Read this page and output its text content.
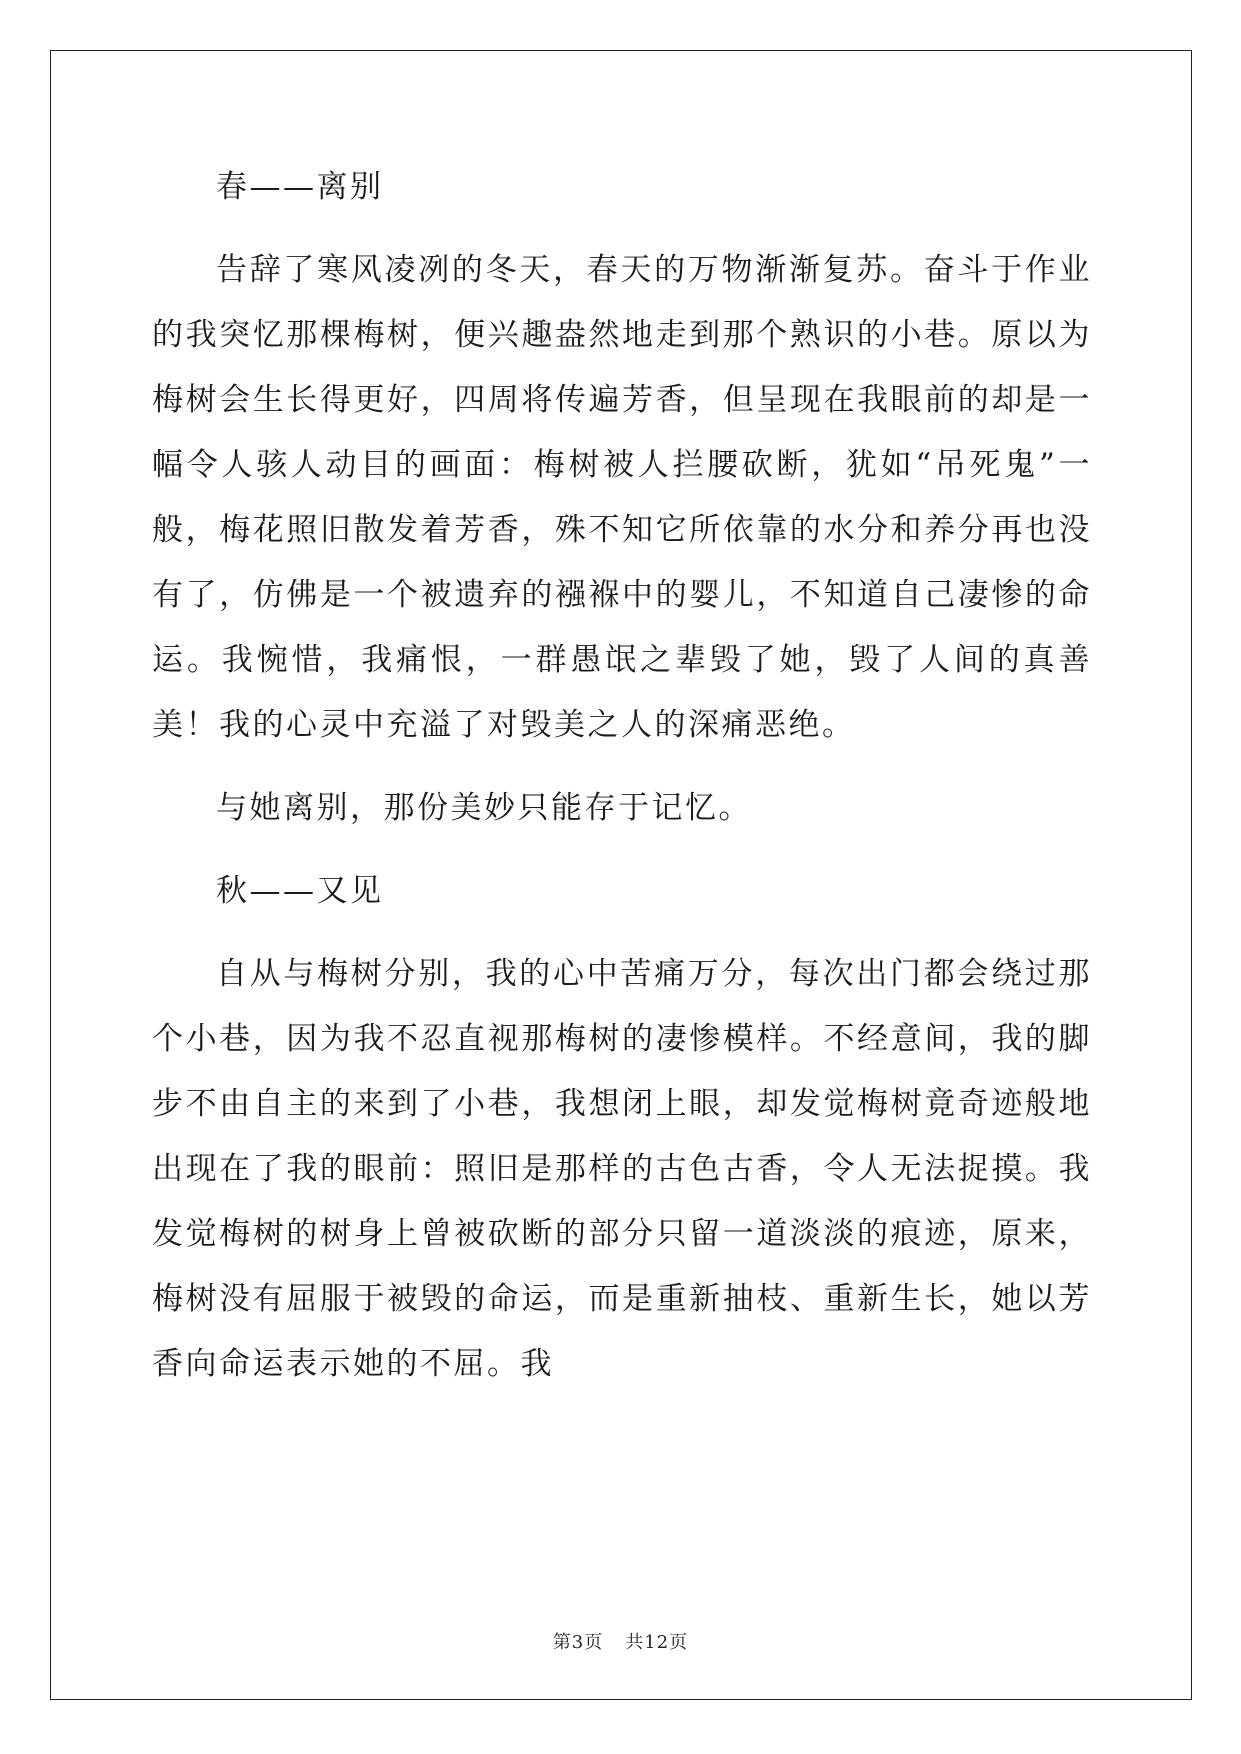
春——离别

告辞了寒风凌冽的冬天，春天的万物渐渐复苏。奋斗于作业的我突忆那棵梅树，便兴趣盎然地走到那个熟识的小巷。原以为梅树会生长得更好，四周将传遍芳香，但呈现在我眼前的却是一幅令人骇人动目的画面：梅树被人拦腰砍断，犹如“吊死鬼”一般，梅花照旧散发着芳香，殊不知它所依靠的水分和养分再也没有了，仿佛是一个被遗弃的襁褓中的婴儿，不知道自己凄惨的命运。我惋惜，我痛恨，一群愚氓之辈毁了她，毁了人间的真善美！我的心灵中充溢了对毁美之人的深痛恶绝。

与她离别，那份美妙只能存于记忆。

秋——又见

自从与梅树分别，我的心中苦痛万分，每次出门都会绕过那个小巷，因为我不忍直视那梅树的凄惨模样。不经意间，我的脚步不由自主的来到了小巷，我想闭上眼，却发觉梅树竟奇迹般地出现在了我的眼前：照旧是那样的古色古香，令人无法捉摸。我发觉梅树的树身上曾被砍断的部分只留一道淡淡的痕迹，原来，梅树没有屈服于被毁的命运，而是重新抽枝、重新生长，她以芳香向命运表示她的不屈。我

第3页 共12页
